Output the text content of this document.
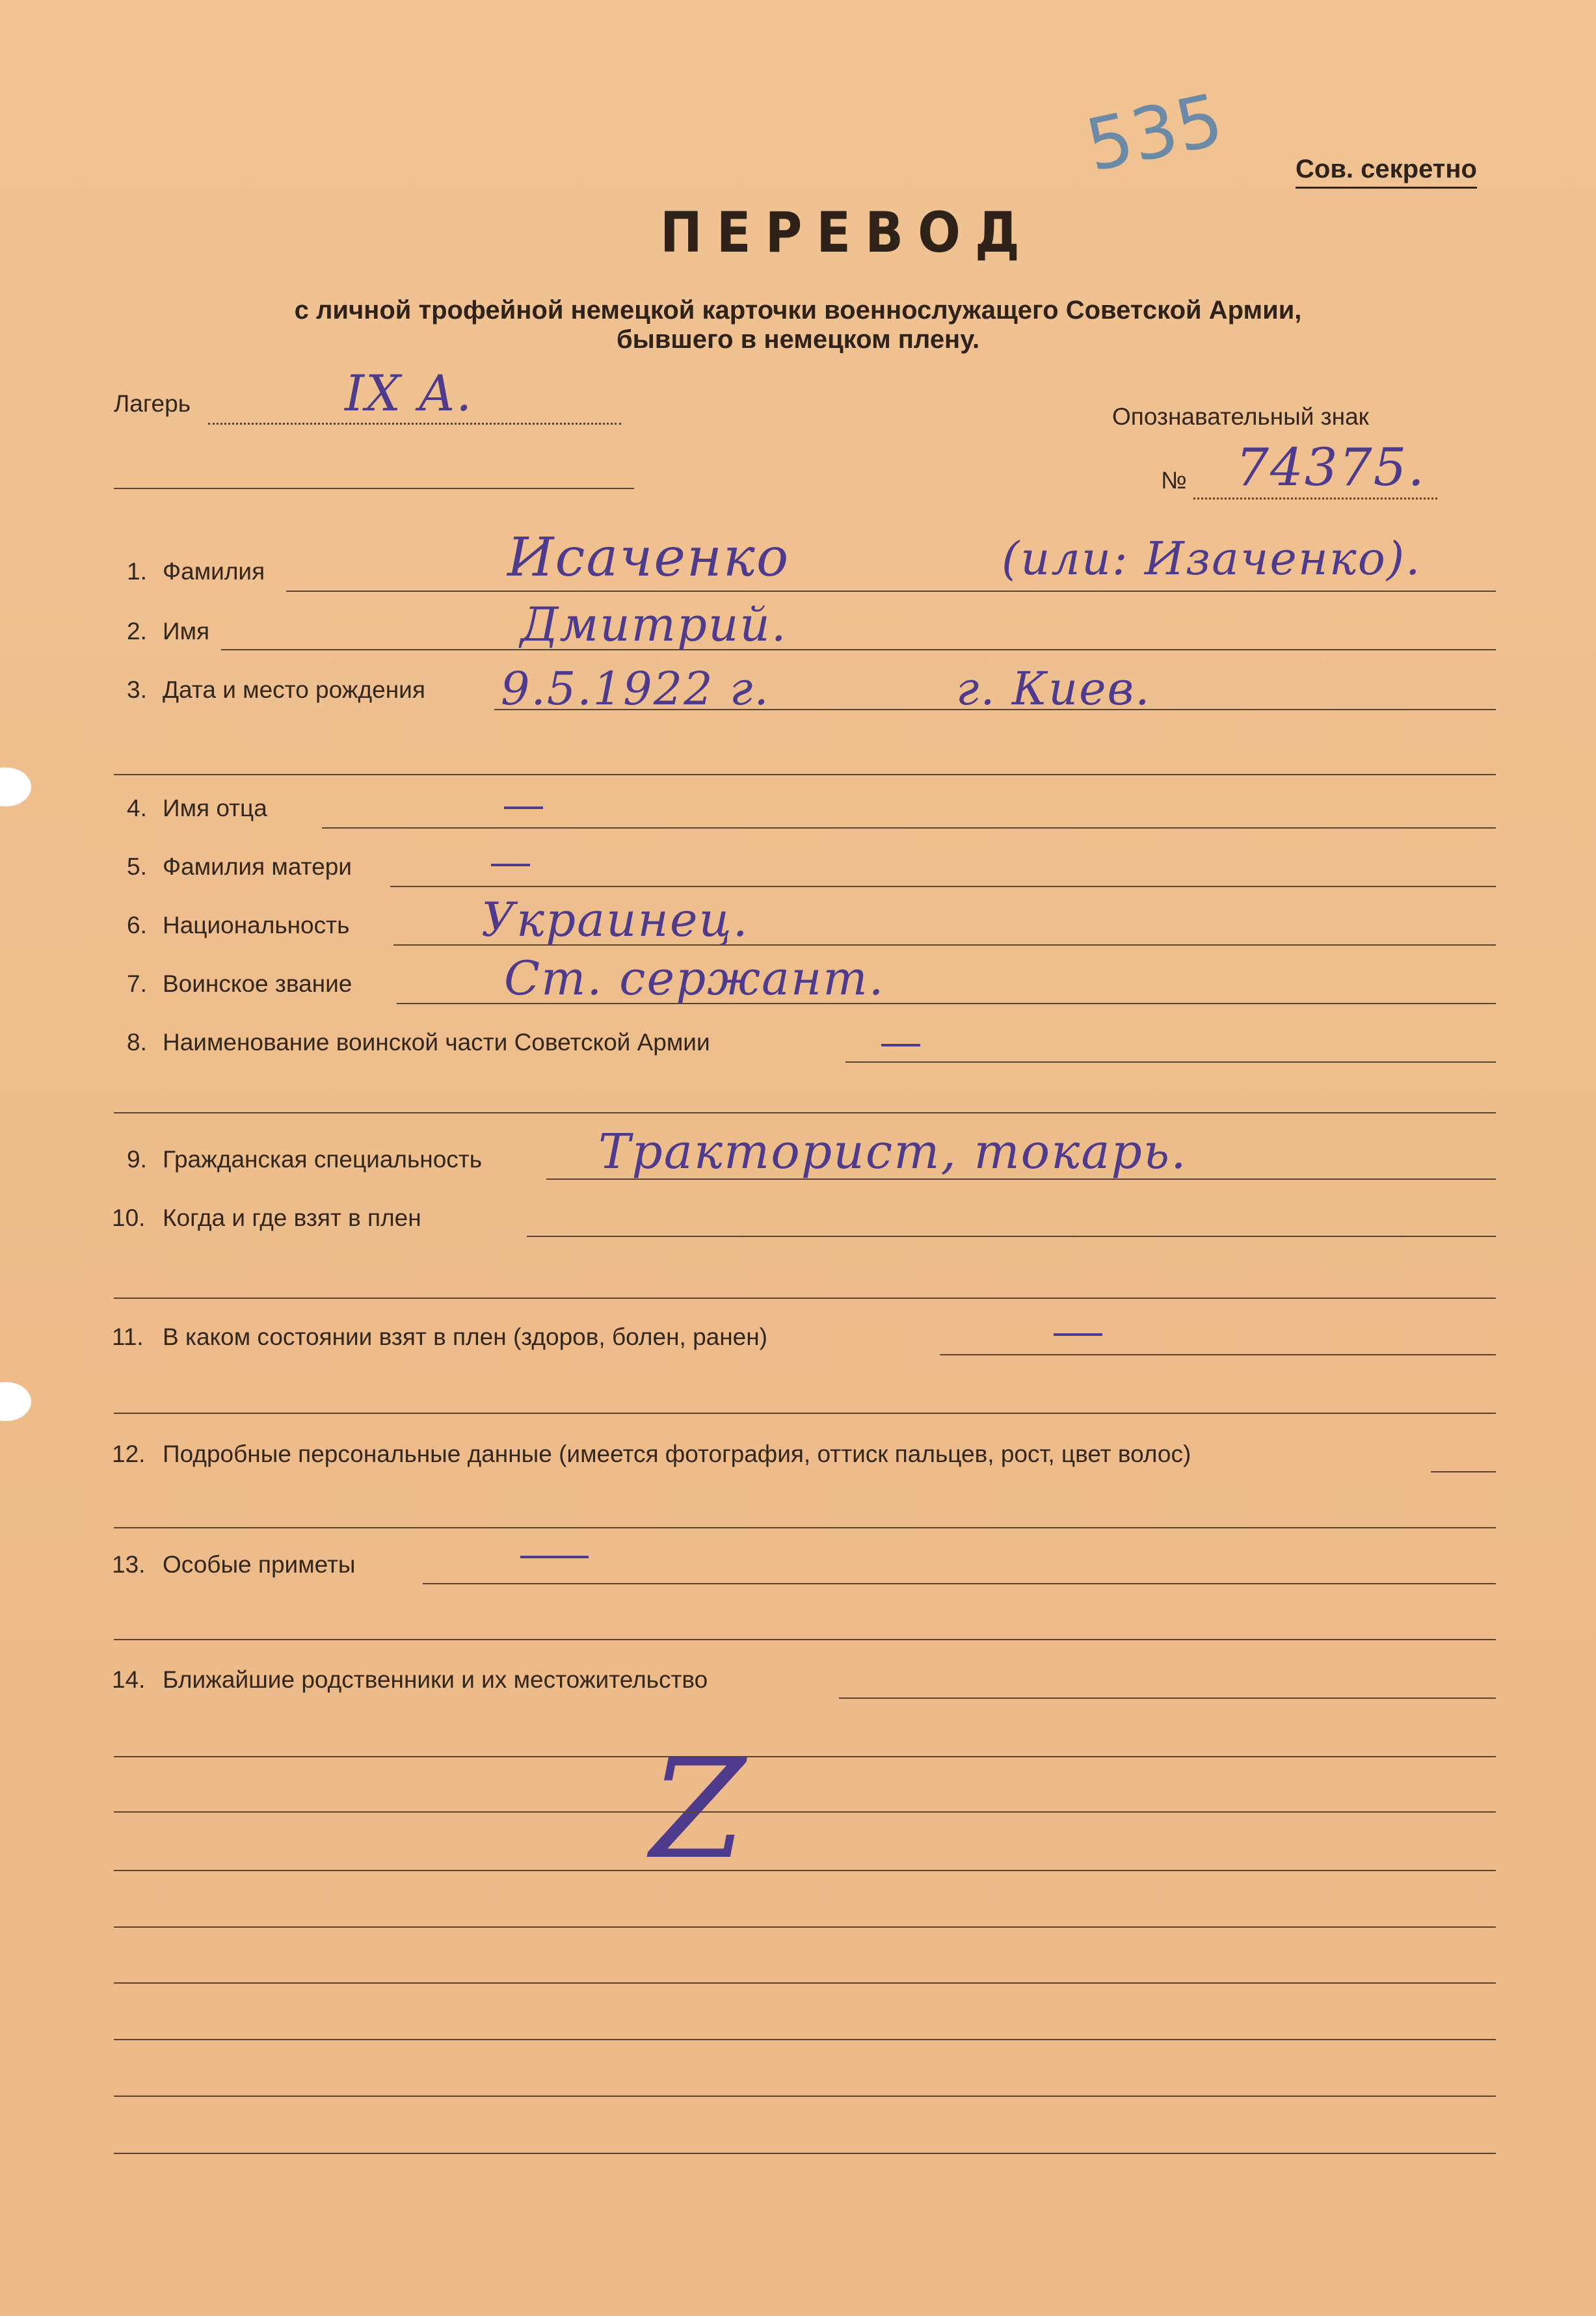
535	Сов. секретно
ПЕРЕВОД
с личной трофейной немецкой карточки военнослужащего Советской Армии,
бывшего в немецком плену.
Лагерь	IX A.	Опознавательный знак
№ 74375.
1. Фамилия	Исаченко	(или: Изаченко).
2. Имя	Дмитрий.
3. Дата и место рождения 9.5.1922 г.	г. Киев.
4. Имя отца
5. Фамилия матери
6. Национальность	Украинец.
7. Воинское звание	Ст. сержант.
8. Наименование воинской части Советской Армии
9. Гражданская специальность Тракторист, токарь.
10. Когда и где взят в плен
11. В каком состоянии взят в плен (здоров, болен, ранен)
12. Подробные персональные данные (имеется фотография, оттиск пальцев, рост, цвет волос)
13. Особые приметы
14. Ближайшие родственники и их местожительство
Z
